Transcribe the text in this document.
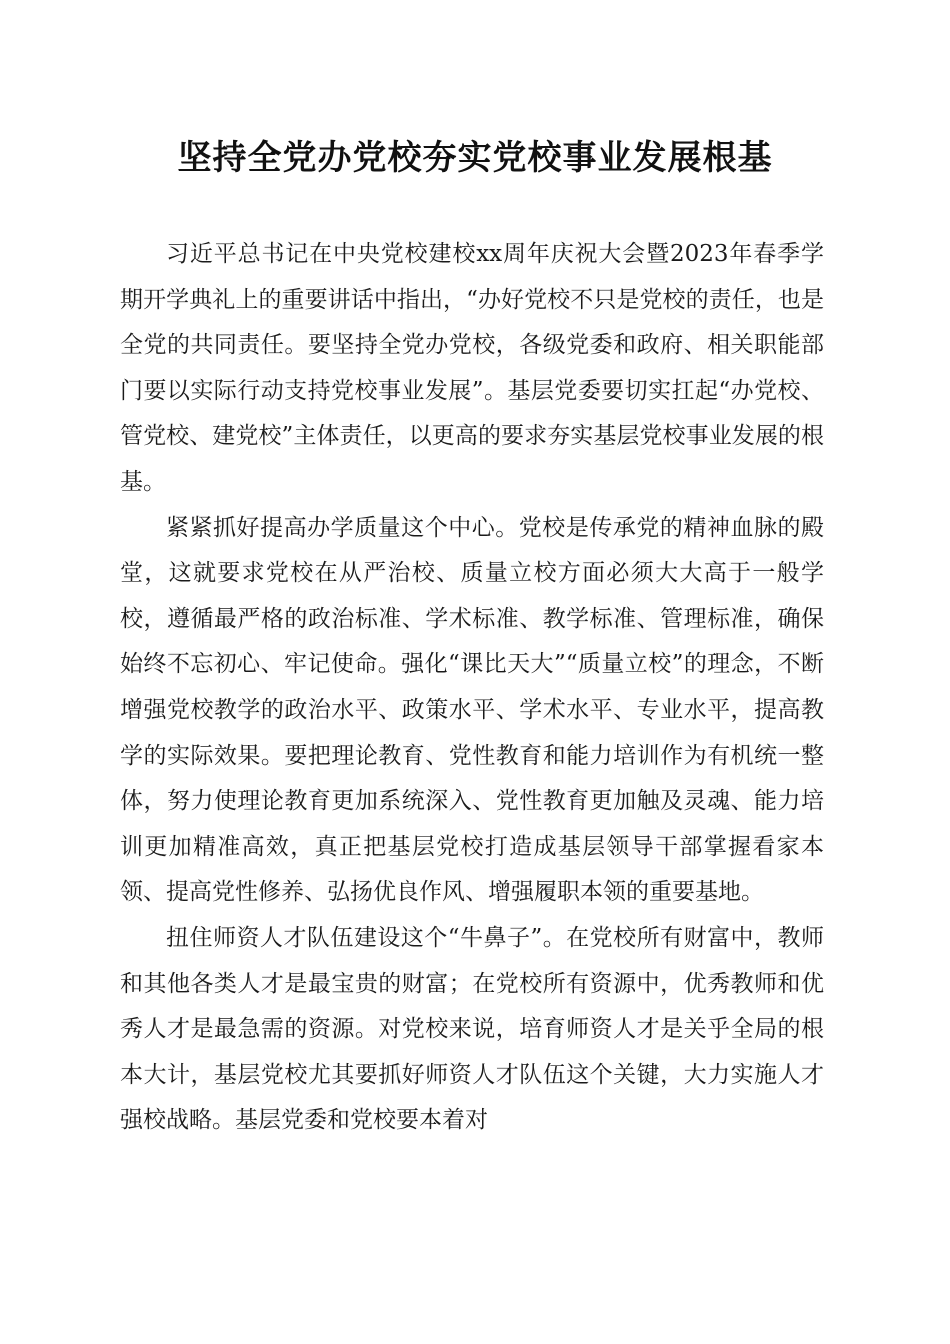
坚持全党办党校夯实党校事业发展根基

习近平总书记在中央党校建校xx周年庆祝大会暨2023年春季学期开学典礼上的重要讲话中指出，“办好党校不只是党校的责任，也是全党的共同责任。要坚持全党办党校，各级党委和政府、相关职能部门要以实际行动支持党校事业发展”。基层党委要切实扛起“办党校、管党校、建党校”主体责任，以更高的要求夯实基层党校事业发展的根基。

紧紧抓好提高办学质量这个中心。党校是传承党的精神血脉的殿堂，这就要求党校在从严治校、质量立校方面必须大大高于一般学校，遵循最严格的政治标准、学术标准、教学标准、管理标准，确保始终不忘初心、牢记使命。强化“课比天大”“质量立校”的理念，不断增强党校教学的政治水平、政策水平、学术水平、专业水平，提高教学的实际效果。要把理论教育、党性教育和能力培训作为有机统一整体，努力使理论教育更加系统深入、党性教育更加触及灵魂、能力培训更加精准高效，真正把基层党校打造成基层领导干部掌握看家本领、提高党性修养、弘扬优良作风、增强履职本领的重要基地。

扭住师资人才队伍建设这个“牛鼻子”。在党校所有财富中，教师和其他各类人才是最宝贵的财富；在党校所有资源中，优秀教师和优秀人才是最急需的资源。对党校来说，培育师资人才是关乎全局的根本大计，基层党校尤其要抓好师资人才队伍这个关键，大力实施人才强校战略。基层党委和党校要本着对
